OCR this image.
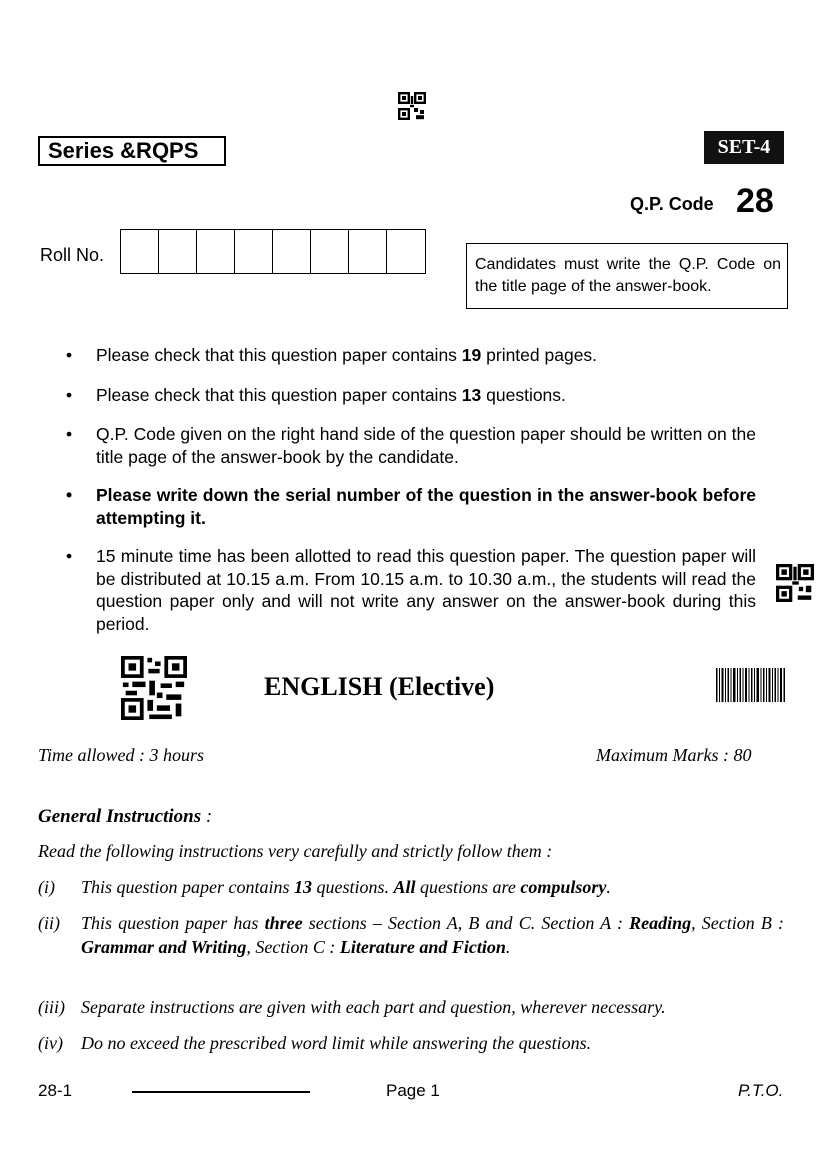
Series &RQPS	SET-4
Q.P. Code 28
Roll No.	Candidates must write the Q.P. Code on the title page of the answer-book.
• Please check that this question paper contains 19 printed pages.
• Please check that this question paper contains 13 questions.
• Q.P. Code given on the right hand side of the question paper should be written on the title page of the answer-book by the candidate.
• Please write down the serial number of the question in the answer-book before attempting it.
• 15 minute time has been allotted to read this question paper. The question paper will be distributed at 10.15 a.m. From 10.15 a.m. to 10.30 a.m., the students will read the question paper only and will not write any answer on the answer-book during this period.
ENGLISH (Elective)
Time allowed : 3 hours	Maximum Marks : 80
General Instructions :
Read the following instructions very carefully and strictly follow them :
(i) This question paper contains 13 questions. All questions are compulsory.
(ii) This question paper has three sections – Section A, B and C. Section A : Reading, Section B : Grammar and Writing, Section C : Literature and Fiction.
(iii) Separate instructions are given with each part and question, wherever necessary.
(iv) Do no exceed the prescribed word limit while answering the questions.
28-1	Page 1	P.T.O.
